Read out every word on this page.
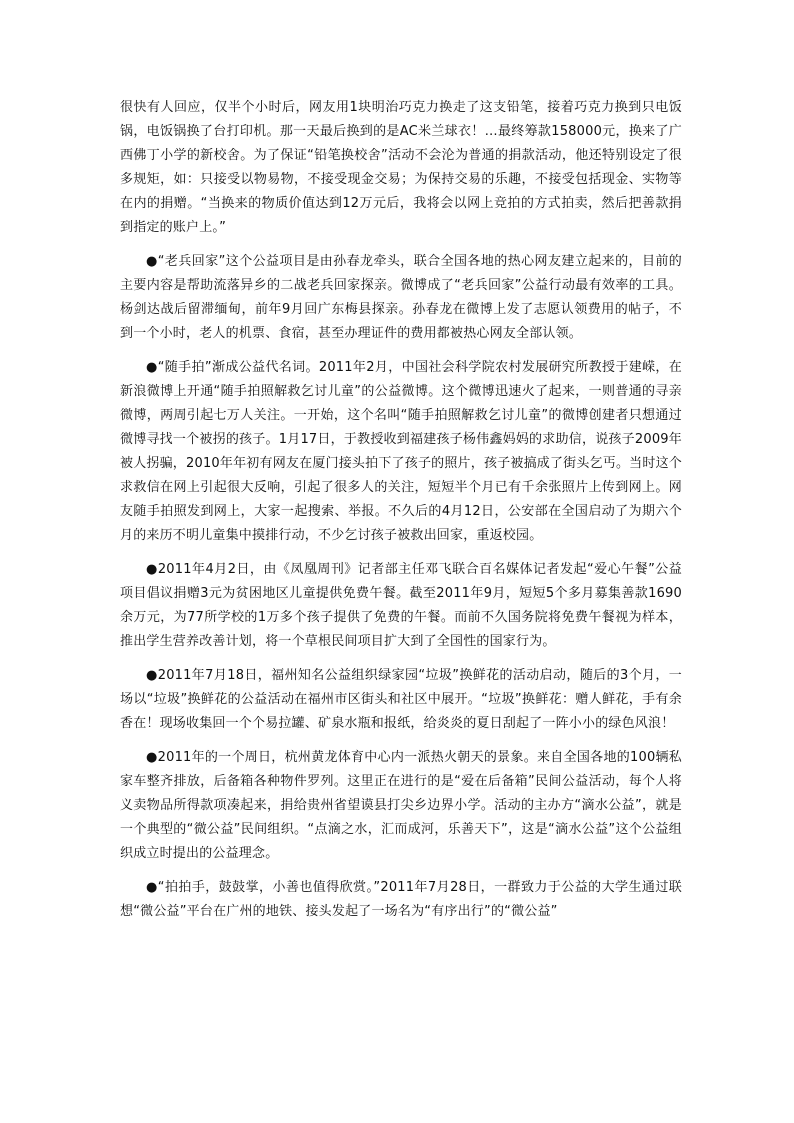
很快有人回应，仅半个小时后，网友用1块明治巧克力换走了这支铅笔，接着巧克力换到只电饭锅，电饭锅换了台打印机。那一天最后换到的是AC米兰球衣！…最终筹款158000元，换来了广西佛丁小学的新校舍。为了保证“铅笔换校舍”活动不会沦为普通的捐款活动，他还特别设定了很多规矩，如：只接受以物易物，不接受现金交易；为保持交易的乐趣，不接受包括现金、实物等在内的捐赠。“当换来的物质价值达到12万元后，我将会以网上竞拍的方式拍卖，然后把善款捐到指定的账户上。”

●“老兵回家”这个公益项目是由孙春龙牵头，联合全国各地的热心网友建立起来的，目前的主要内容是帮助流落异乡的二战老兵回家探亲。微博成了“老兵回家”公益行动最有效率的工具。杨剑达战后留滞缅甸，前年9月回广东梅县探亲。孙春龙在微博上发了志愿认领费用的帖子，不到一个小时，老人的机票、食宿，甚至办理证件的费用都被热心网友全部认领。

●“随手拍”渐成公益代名词。2011年2月，中国社会科学院农村发展研究所教授于建嵘，在新浪微博上开通“随手拍照解救乞讨儿童”的公益微博。这个微博迅速火了起来，一则普通的寻亲微博，两周引起七万人关注。一开始，这个名叫“随手拍照解救乞讨儿童”的微博创建者只想通过微博寻找一个被拐的孩子。1月17日，于教授收到福建孩子杨伟鑫妈妈的求助信，说孩子2009年被人拐骗，2010年年初有网友在厦门接头拍下了孩子的照片，孩子被搞成了街头乞丐。当时这个求救信在网上引起很大反响，引起了很多人的关注，短短半个月已有千余张照片上传到网上。网友随手拍照发到网上，大家一起搜索、举报。不久后的4月12日，公安部在全国启动了为期六个月的来历不明儿童集中摸排行动，不少乞讨孩子被救出回家，重返校园。

●2011年4月2日，由《凤凰周刊》记者部主任邓飞联合百名媒体记者发起“爱心午餐”公益项目倡议捐赠3元为贫困地区儿童提供免费午餐。截至2011年9月，短短5个多月募集善款1690余万元，为77所学校的1万多个孩子提供了免费的午餐。而前不久国务院将免费午餐视为样本，推出学生营养改善计划，将一个草根民间项目扩大到了全国性的国家行为。

●2011年7月18日，福州知名公益组织绿家园“垃圾”换鲜花的活动启动，随后的3个月，一场以“垃圾”换鲜花的公益活动在福州市区街头和社区中展开。“垃圾”换鲜花：赠人鲜花，手有余香在！现场收集回一个个易拉罐、矿泉水瓶和报纸，给炎炎的夏日刮起了一阵小小的绿色风浪！

●2011年的一个周日，杭州黄龙体育中心内一派热火朝天的景象。来自全国各地的100辆私家车整齐排放，后备箱各种物件罗列。这里正在进行的是“爱在后备箱”民间公益活动，每个人将义卖物品所得款项凑起来，捐给贵州省望谟县打尖乡边界小学。活动的主办方“滴水公益”，就是一个典型的“微公益”民间组织。“点滴之水，汇而成河，乐善天下”，这是“滴水公益”这个公益组织成立时提出的公益理念。

●“拍拍手，鼓鼓掌，小善也值得欣赏。”2011年7月28日，一群致力于公益的大学生通过联想“微公益”平台在广州的地铁、接头发起了一场名为“有序出行”的“微公益”
